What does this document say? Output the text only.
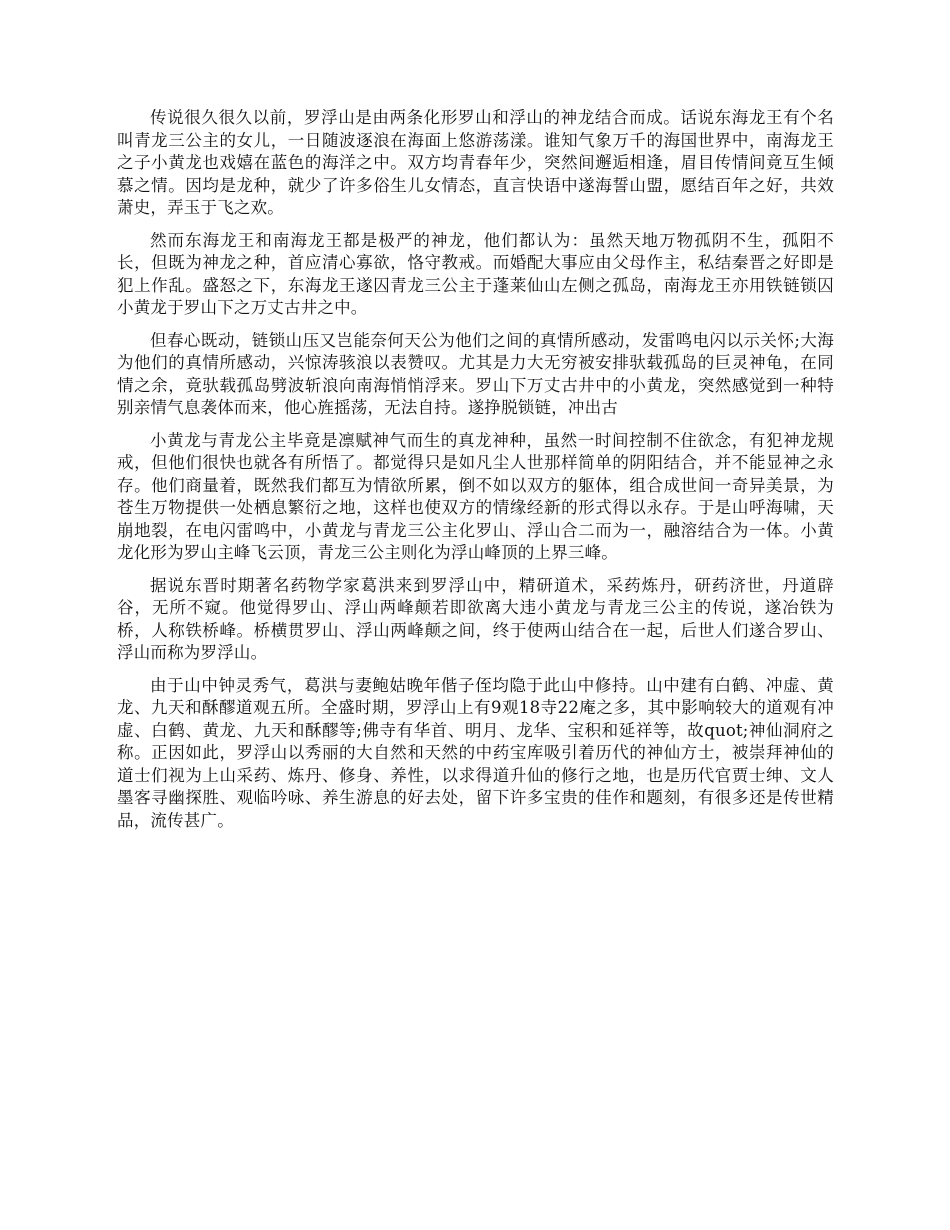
传说很久很久以前，罗浮山是由两条化形罗山和浮山的神龙结合而成。话说东海龙王有个名叫青龙三公主的女儿，一日随波逐浪在海面上悠游荡漾。谁知气象万千的海国世界中，南海龙王之子小黄龙也戏嬉在蓝色的海洋之中。双方均青春年少，突然间邂逅相逢，眉目传情间竟互生倾慕之情。因均是龙种，就少了许多俗生儿女情态，直言快语中遂海誓山盟，愿结百年之好，共效萧史，弄玉于飞之欢。

然而东海龙王和南海龙王都是极严的神龙，他们都认为：虽然天地万物孤阴不生，孤阳不长，但既为神龙之种，首应清心寡欲，恪守教戒。而婚配大事应由父母作主，私结秦晋之好即是犯上作乱。盛怒之下，东海龙王遂囚青龙三公主于蓬莱仙山左侧之孤岛，南海龙王亦用铁链锁囚小黄龙于罗山下之万丈古井之中。

但春心既动，链锁山压又岂能奈何天公为他们之间的真情所感动，发雷鸣电闪以示关怀;大海为他们的真情所感动，兴惊涛骇浪以表赞叹。尤其是力大无穷被安排驮载孤岛的巨灵神龟，在同情之余，竟驮载孤岛劈波斩浪向南海悄悄浮来。罗山下万丈古井中的小黄龙，突然感觉到一种特别亲情气息袭体而来，他心旌摇荡，无法自持。遂挣脱锁链，冲出古

小黄龙与青龙公主毕竟是凛赋神气而生的真龙神种，虽然一时间控制不住欲念，有犯神龙规戒，但他们很快也就各有所悟了。都觉得只是如凡尘人世那样简单的阴阳结合，并不能显神之永存。他们商量着，既然我们都互为情欲所累，倒不如以双方的躯体，组合成世间一奇异美景，为苍生万物提供一处栖息繁衍之地，这样也使双方的情缘经新的形式得以永存。于是山呼海啸，天崩地裂，在电闪雷鸣中，小黄龙与青龙三公主化罗山、浮山合二而为一，融溶结合为一体。小黄龙化形为罗山主峰飞云顶，青龙三公主则化为浮山峰顶的上界三峰。

据说东晋时期著名药物学家葛洪来到罗浮山中，精研道术，采药炼丹，研药济世，丹道辟谷，无所不窥。他觉得罗山、浮山两峰颠若即欲离大违小黄龙与青龙三公主的传说，遂冶铁为桥，人称铁桥峰。桥横贯罗山、浮山两峰颠之间，终于使两山结合在一起，后世人们遂合罗山、浮山而称为罗浮山。

由于山中钟灵秀气，葛洪与妻鲍姑晚年偕子侄均隐于此山中修持。山中建有白鹤、冲虚、黄龙、九天和酥醪道观五所。全盛时期，罗浮山上有9观18寺22庵之多，其中影响较大的道观有冲虚、白鹤、黄龙、九天和酥醪等;佛寺有华首、明月、龙华、宝积和延祥等，故quot;神仙洞府之称。正因如此，罗浮山以秀丽的大自然和天然的中药宝库吸引着历代的神仙方士，被崇拜神仙的道士们视为上山采药、炼丹、修身、养性，以求得道升仙的修行之地，也是历代官贾士绅、文人墨客寻幽探胜、观临吟咏、养生游息的好去处，留下许多宝贵的佳作和题刻，有很多还是传世精品，流传甚广。
